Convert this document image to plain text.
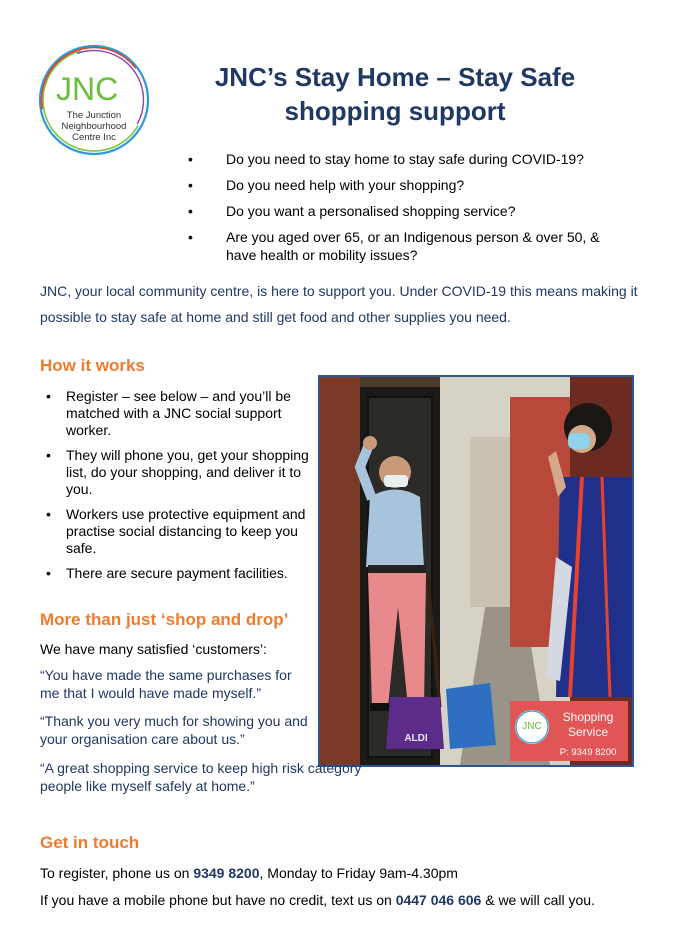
JNC
The Junction
Neighbourhood
Centre Inc
JNC’s Stay Home – Stay Safe
shopping support
• Do you need to stay home to stay safe during COVID-19?
• Do you need help with your shopping?
• Do you want a personalised shopping service?
• Are you aged over 65, or an Indigenous person & over 50, & have health or mobility issues?

JNC, your local community centre, is here to support you. Under COVID-19 this means making it possible to stay safe at home and still get food and other supplies you need.

How it works
• Register – see below – and you’ll be matched with a JNC social support worker.
• They will phone you, get your shopping list, do your shopping, and deliver it to you.
• Workers use protective equipment and practise social distancing to keep you safe.
• There are secure payment facilities.
ALDI
JNC
Shopping
Service
P: 9349 8200
More than just ‘shop and drop’
We have many satisfied ‘customers’:
“You have made the same purchases for me that I would have made myself.”
“Thank you very much for showing you and your organisation care about us.”
“A great shopping service to keep high risk category people like myself safely at home.”
Get in touch
To register, phone us on 9349 8200, Monday to Friday 9am-4.30pm
If you have a mobile phone but have no credit, text us on 0447 046 606 & we will call you.
